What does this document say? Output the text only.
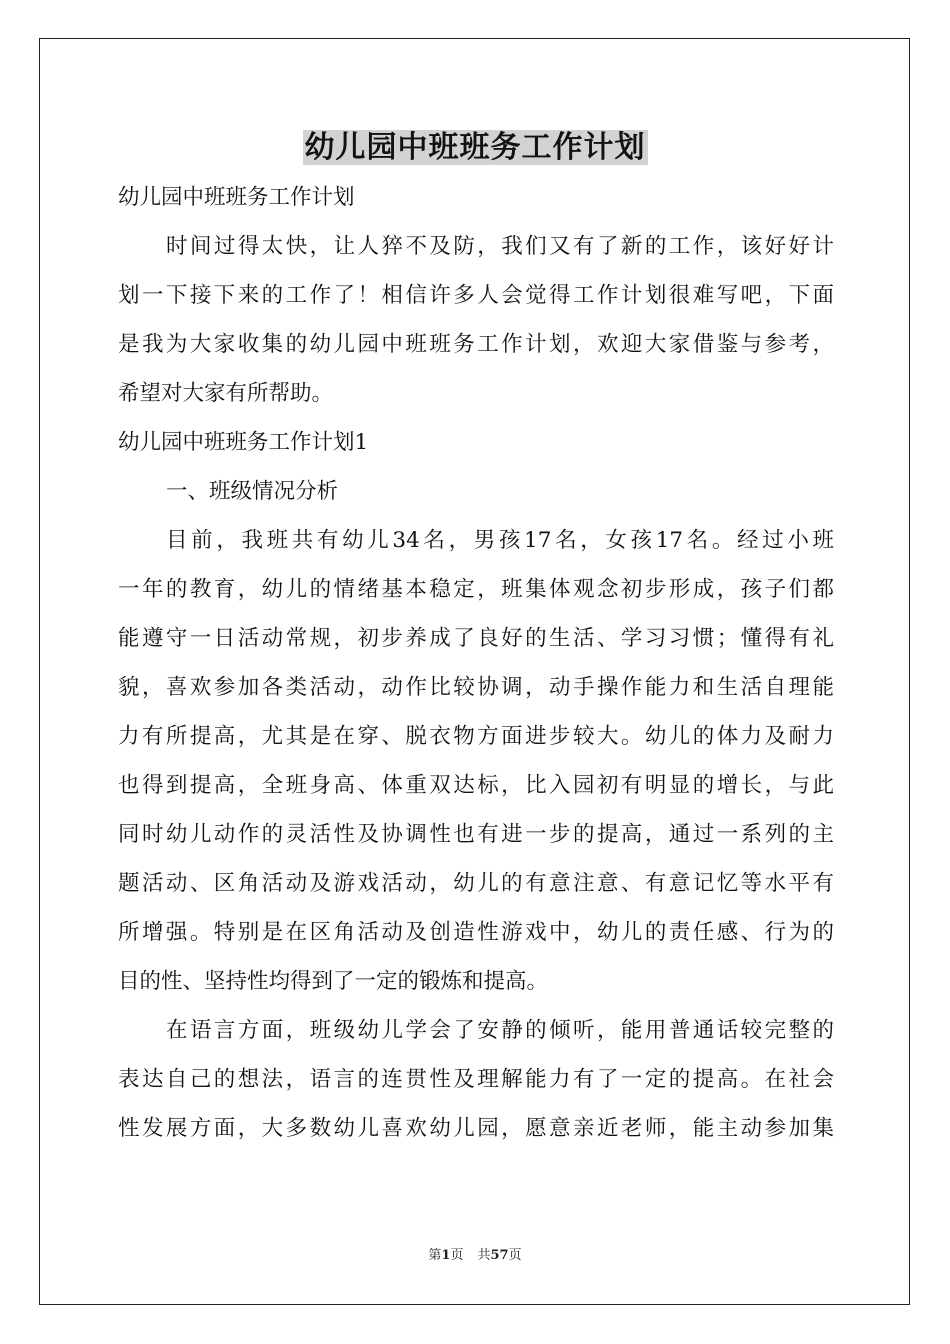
幼儿园中班班务工作计划

幼儿园中班班务工作计划

时间过得太快，让人猝不及防，我们又有了新的工作，该好好计

划一下接下来的工作了！相信许多人会觉得工作计划很难写吧，下面

是我为大家收集的幼儿园中班班务工作计划，欢迎大家借鉴与参考，

希望对大家有所帮助。

幼儿园中班班务工作计划1

一、班级情况分析

目前，我班共有幼儿34名，男孩17名，女孩17名。经过小班

一年的教育，幼儿的情绪基本稳定，班集体观念初步形成，孩子们都

能遵守一日活动常规，初步养成了良好的生活、学习习惯；懂得有礼

貌，喜欢参加各类活动，动作比较协调，动手操作能力和生活自理能

力有所提高，尤其是在穿、脱衣物方面进步较大。幼儿的体力及耐力

也得到提高，全班身高、体重双达标，比入园初有明显的增长，与此

同时幼儿动作的灵活性及协调性也有进一步的提高，通过一系列的主

题活动、区角活动及游戏活动，幼儿的有意注意、有意记忆等水平有

所增强。特别是在区角活动及创造性游戏中，幼儿的责任感、行为的

目的性、坚持性均得到了一定的锻炼和提高。

在语言方面，班级幼儿学会了安静的倾听，能用普通话较完整的

表达自己的想法，语言的连贯性及理解能力有了一定的提高。在社会

性发展方面，大多数幼儿喜欢幼儿园，愿意亲近老师，能主动参加集

第1页 共57页
